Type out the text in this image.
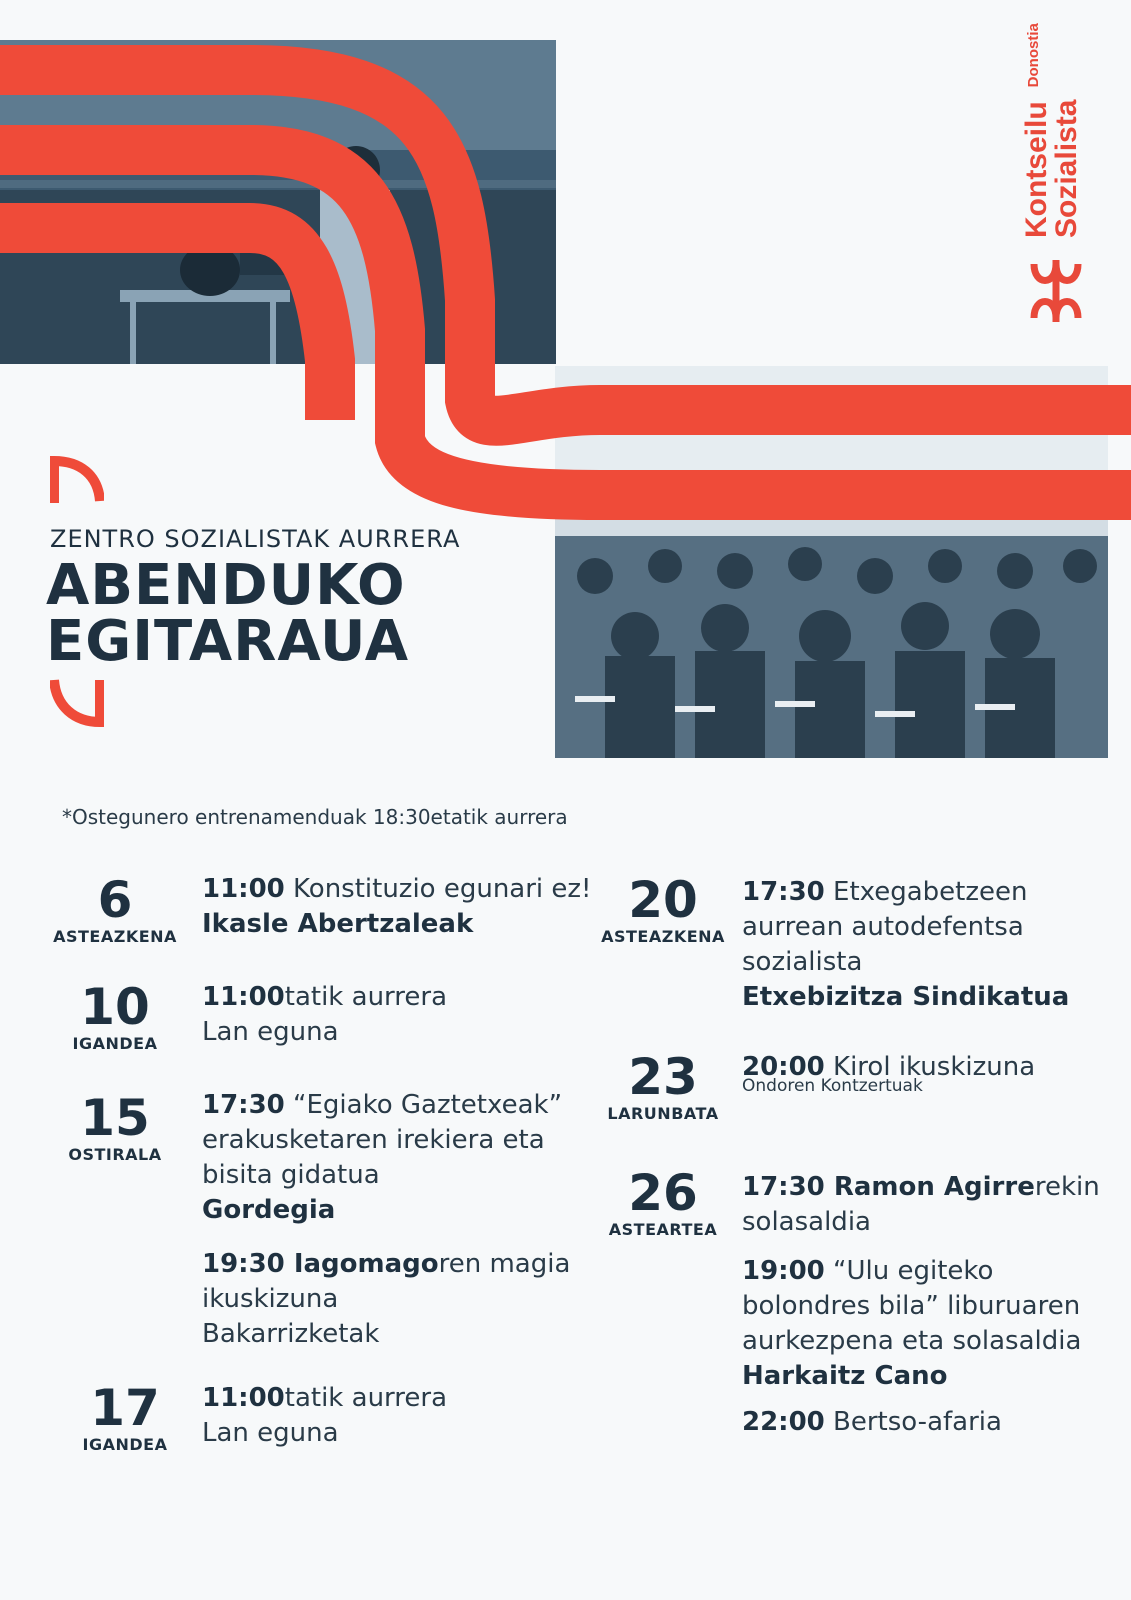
Kontseilu$^{Donostia}$
Sozialista
ZENTRO SOZIALISTAK AURRERA
ABENDUKO
EGITARAUA
*Ostegunero entrenamenduak 18:30etatik aurrera
6
ASTEAZKENA
10
IGANDEA
15
OSTIRALA
17
IGANDEA
11:00 Konstituzio egunari ez!
Ikasle Abertzaleak
11:00tatik aurrera
Lan eguna
17:30 “Egiako Gaztetxeak”
erakusketaren irekiera eta
bisita gidatua
Gordegia
19:30 Iagomagoren magia
ikuskizuna
Bakarrizketak
11:00tatik aurrera
Lan eguna
20
ASTEAZKENA
23
LARUNBATA
26
ASTEARTEA
17:30 Etxegabetzeen
aurrean autodefentsa
sozialista
Etxebizitza Sindikatua
20:00 Kirol ikuskizuna
Ondoren Kontzertuak
17:30 Ramon Agirrerekin
solasaldia
19:00 “Ulu egiteko
bolondres bila” liburuaren
aurkezpena eta solasaldia
Harkaitz Cano
22:00 Bertso-afaria
